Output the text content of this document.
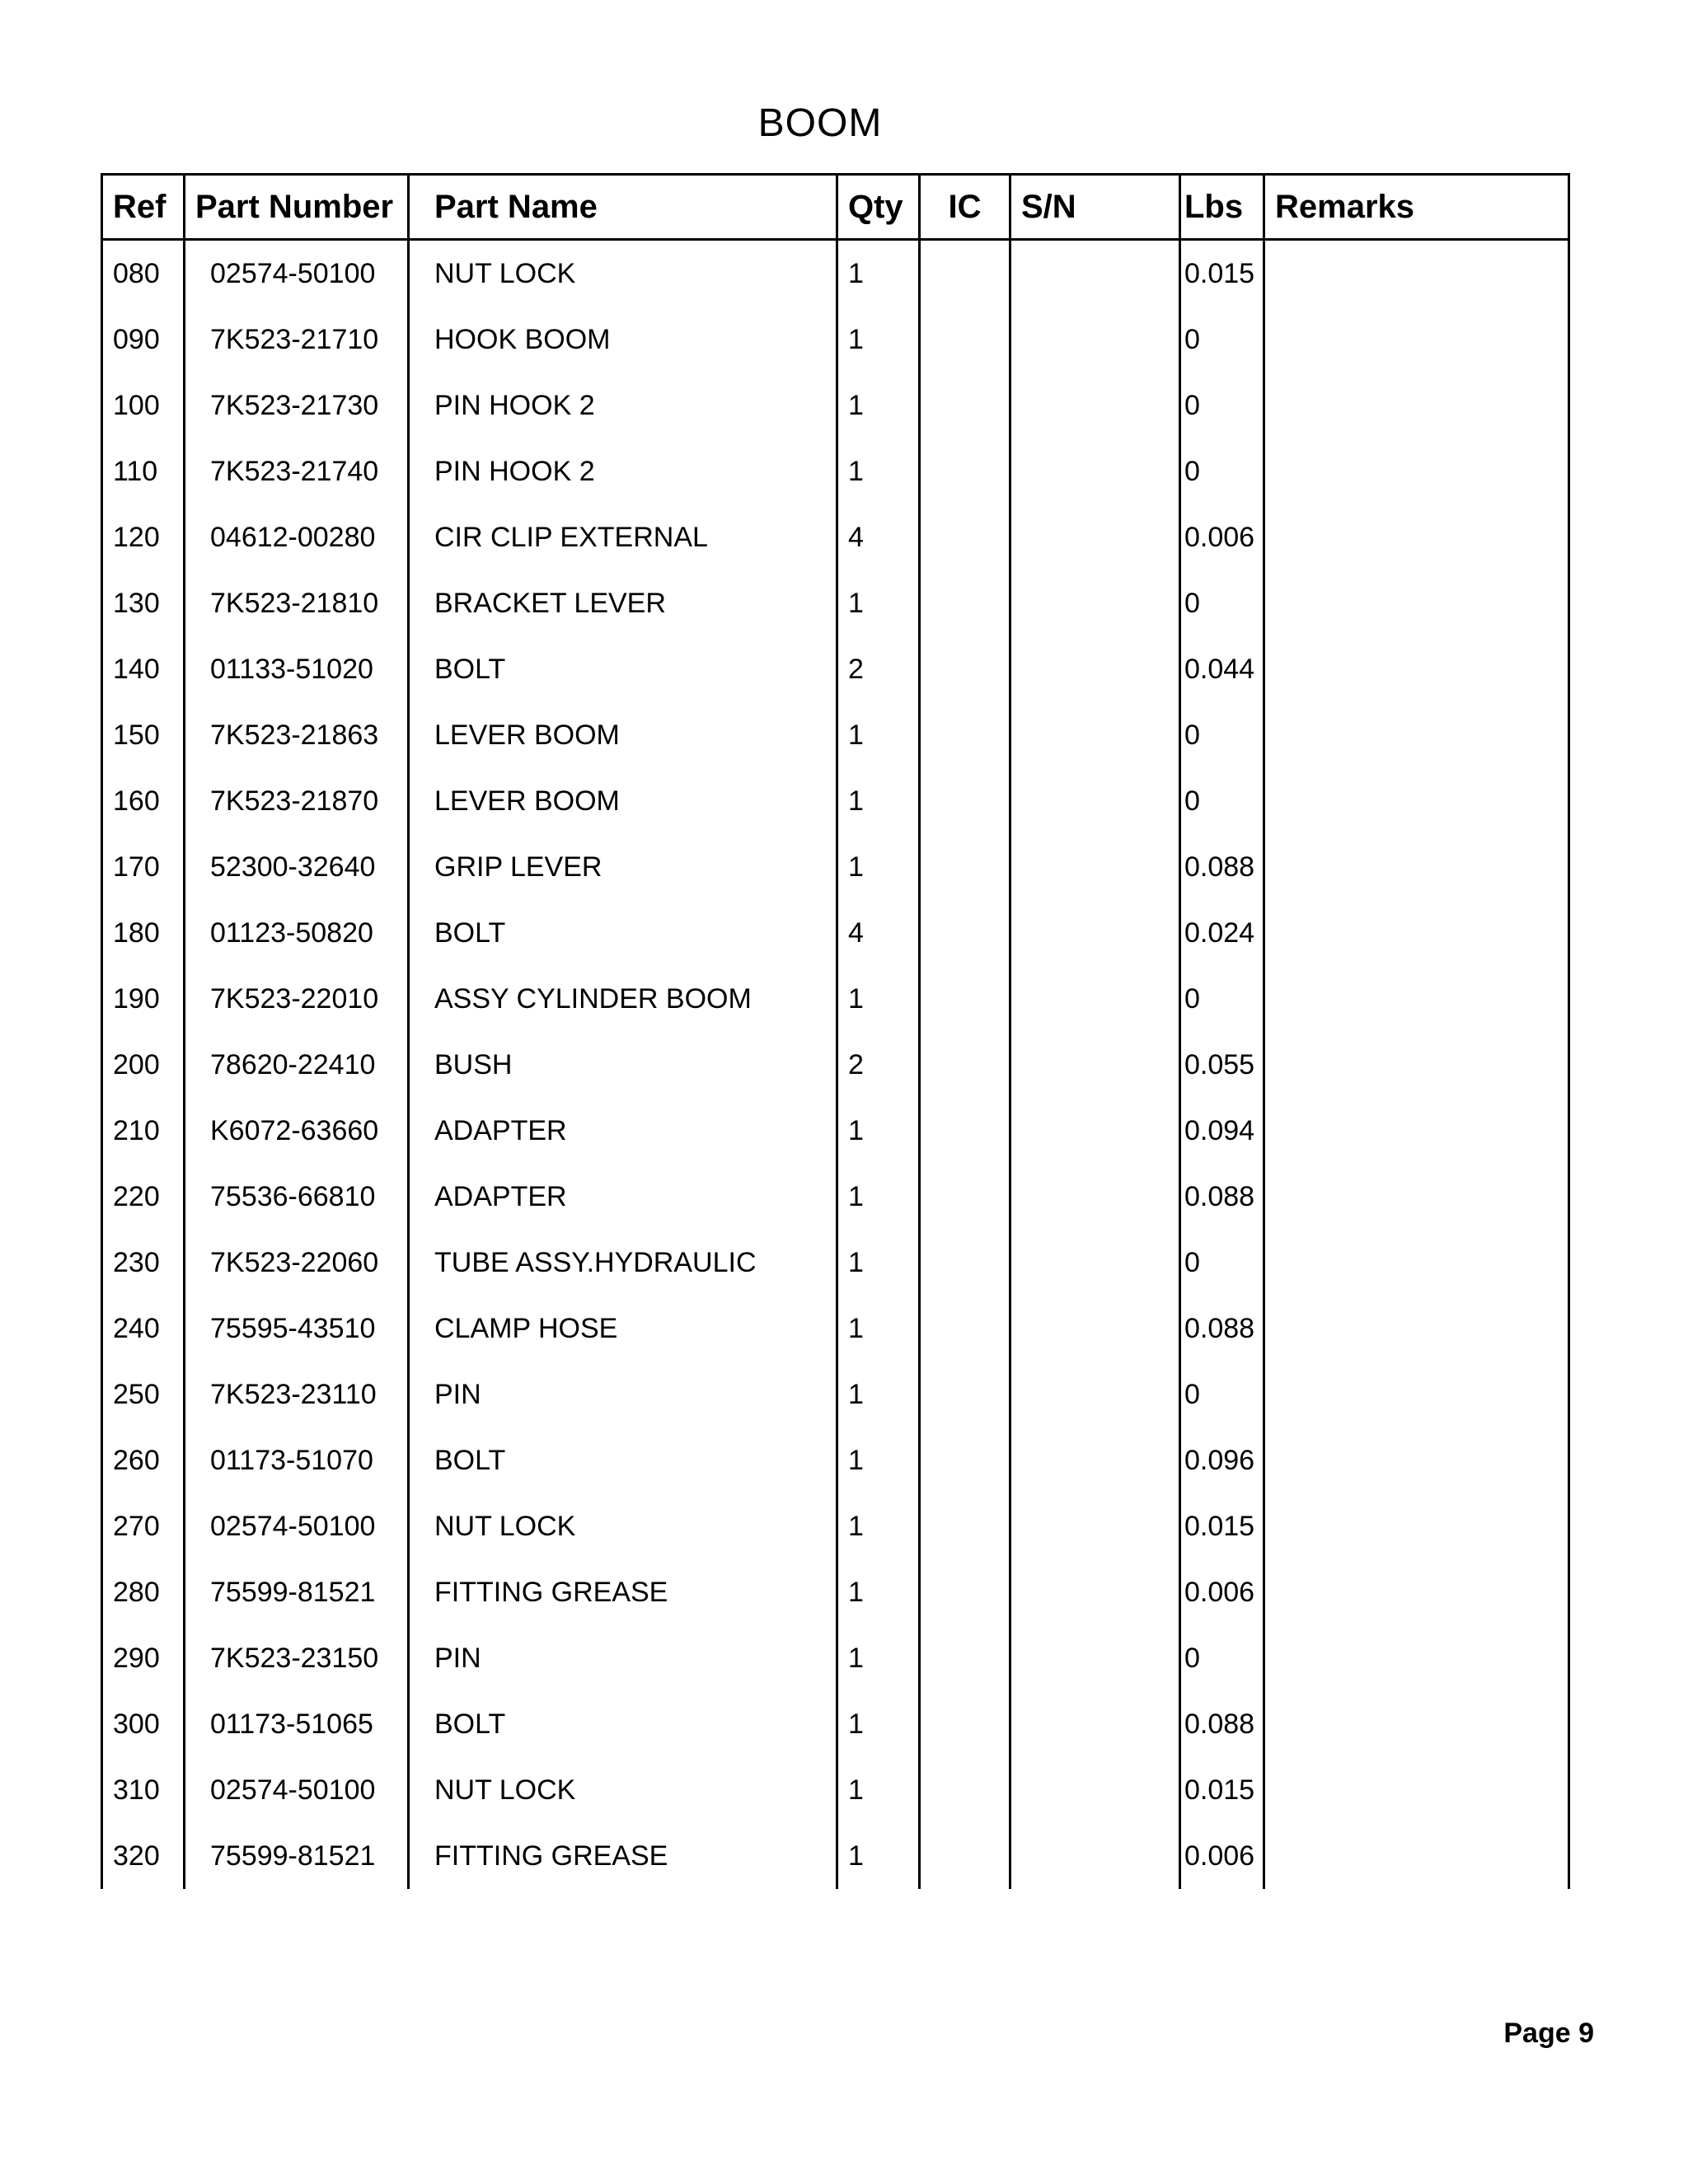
BOOM
Ref	Part Number	Part Name	Qty	IC	S/N	Lbs	Remarks
080	02574-50100	NUT LOCK	1			0.015	
090	7K523-21710	HOOK BOOM	1			0	
100	7K523-21730	PIN HOOK 2	1			0	
110	7K523-21740	PIN HOOK 2	1			0	
120	04612-00280	CIR CLIP EXTERNAL	4			0.006	
130	7K523-21810	BRACKET LEVER	1			0	
140	01133-51020	BOLT	2			0.044	
150	7K523-21863	LEVER BOOM	1			0	
160	7K523-21870	LEVER BOOM	1			0	
170	52300-32640	GRIP LEVER	1			0.088	
180	01123-50820	BOLT	4			0.024	
190	7K523-22010	ASSY CYLINDER BOOM	1			0	
200	78620-22410	BUSH	2			0.055	
210	K6072-63660	ADAPTER	1			0.094	
220	75536-66810	ADAPTER	1			0.088	
230	7K523-22060	TUBE ASSY.HYDRAULIC	1			0	
240	75595-43510	CLAMP HOSE	1			0.088	
250	7K523-23110	PIN	1			0	
260	01173-51070	BOLT	1			0.096	
270	02574-50100	NUT LOCK	1			0.015	
280	75599-81521	FITTING GREASE	1			0.006	
290	7K523-23150	PIN	1			0	
300	01173-51065	BOLT	1			0.088	
310	02574-50100	NUT LOCK	1			0.015	
320	75599-81521	FITTING GREASE	1			0.006	
Page 9
